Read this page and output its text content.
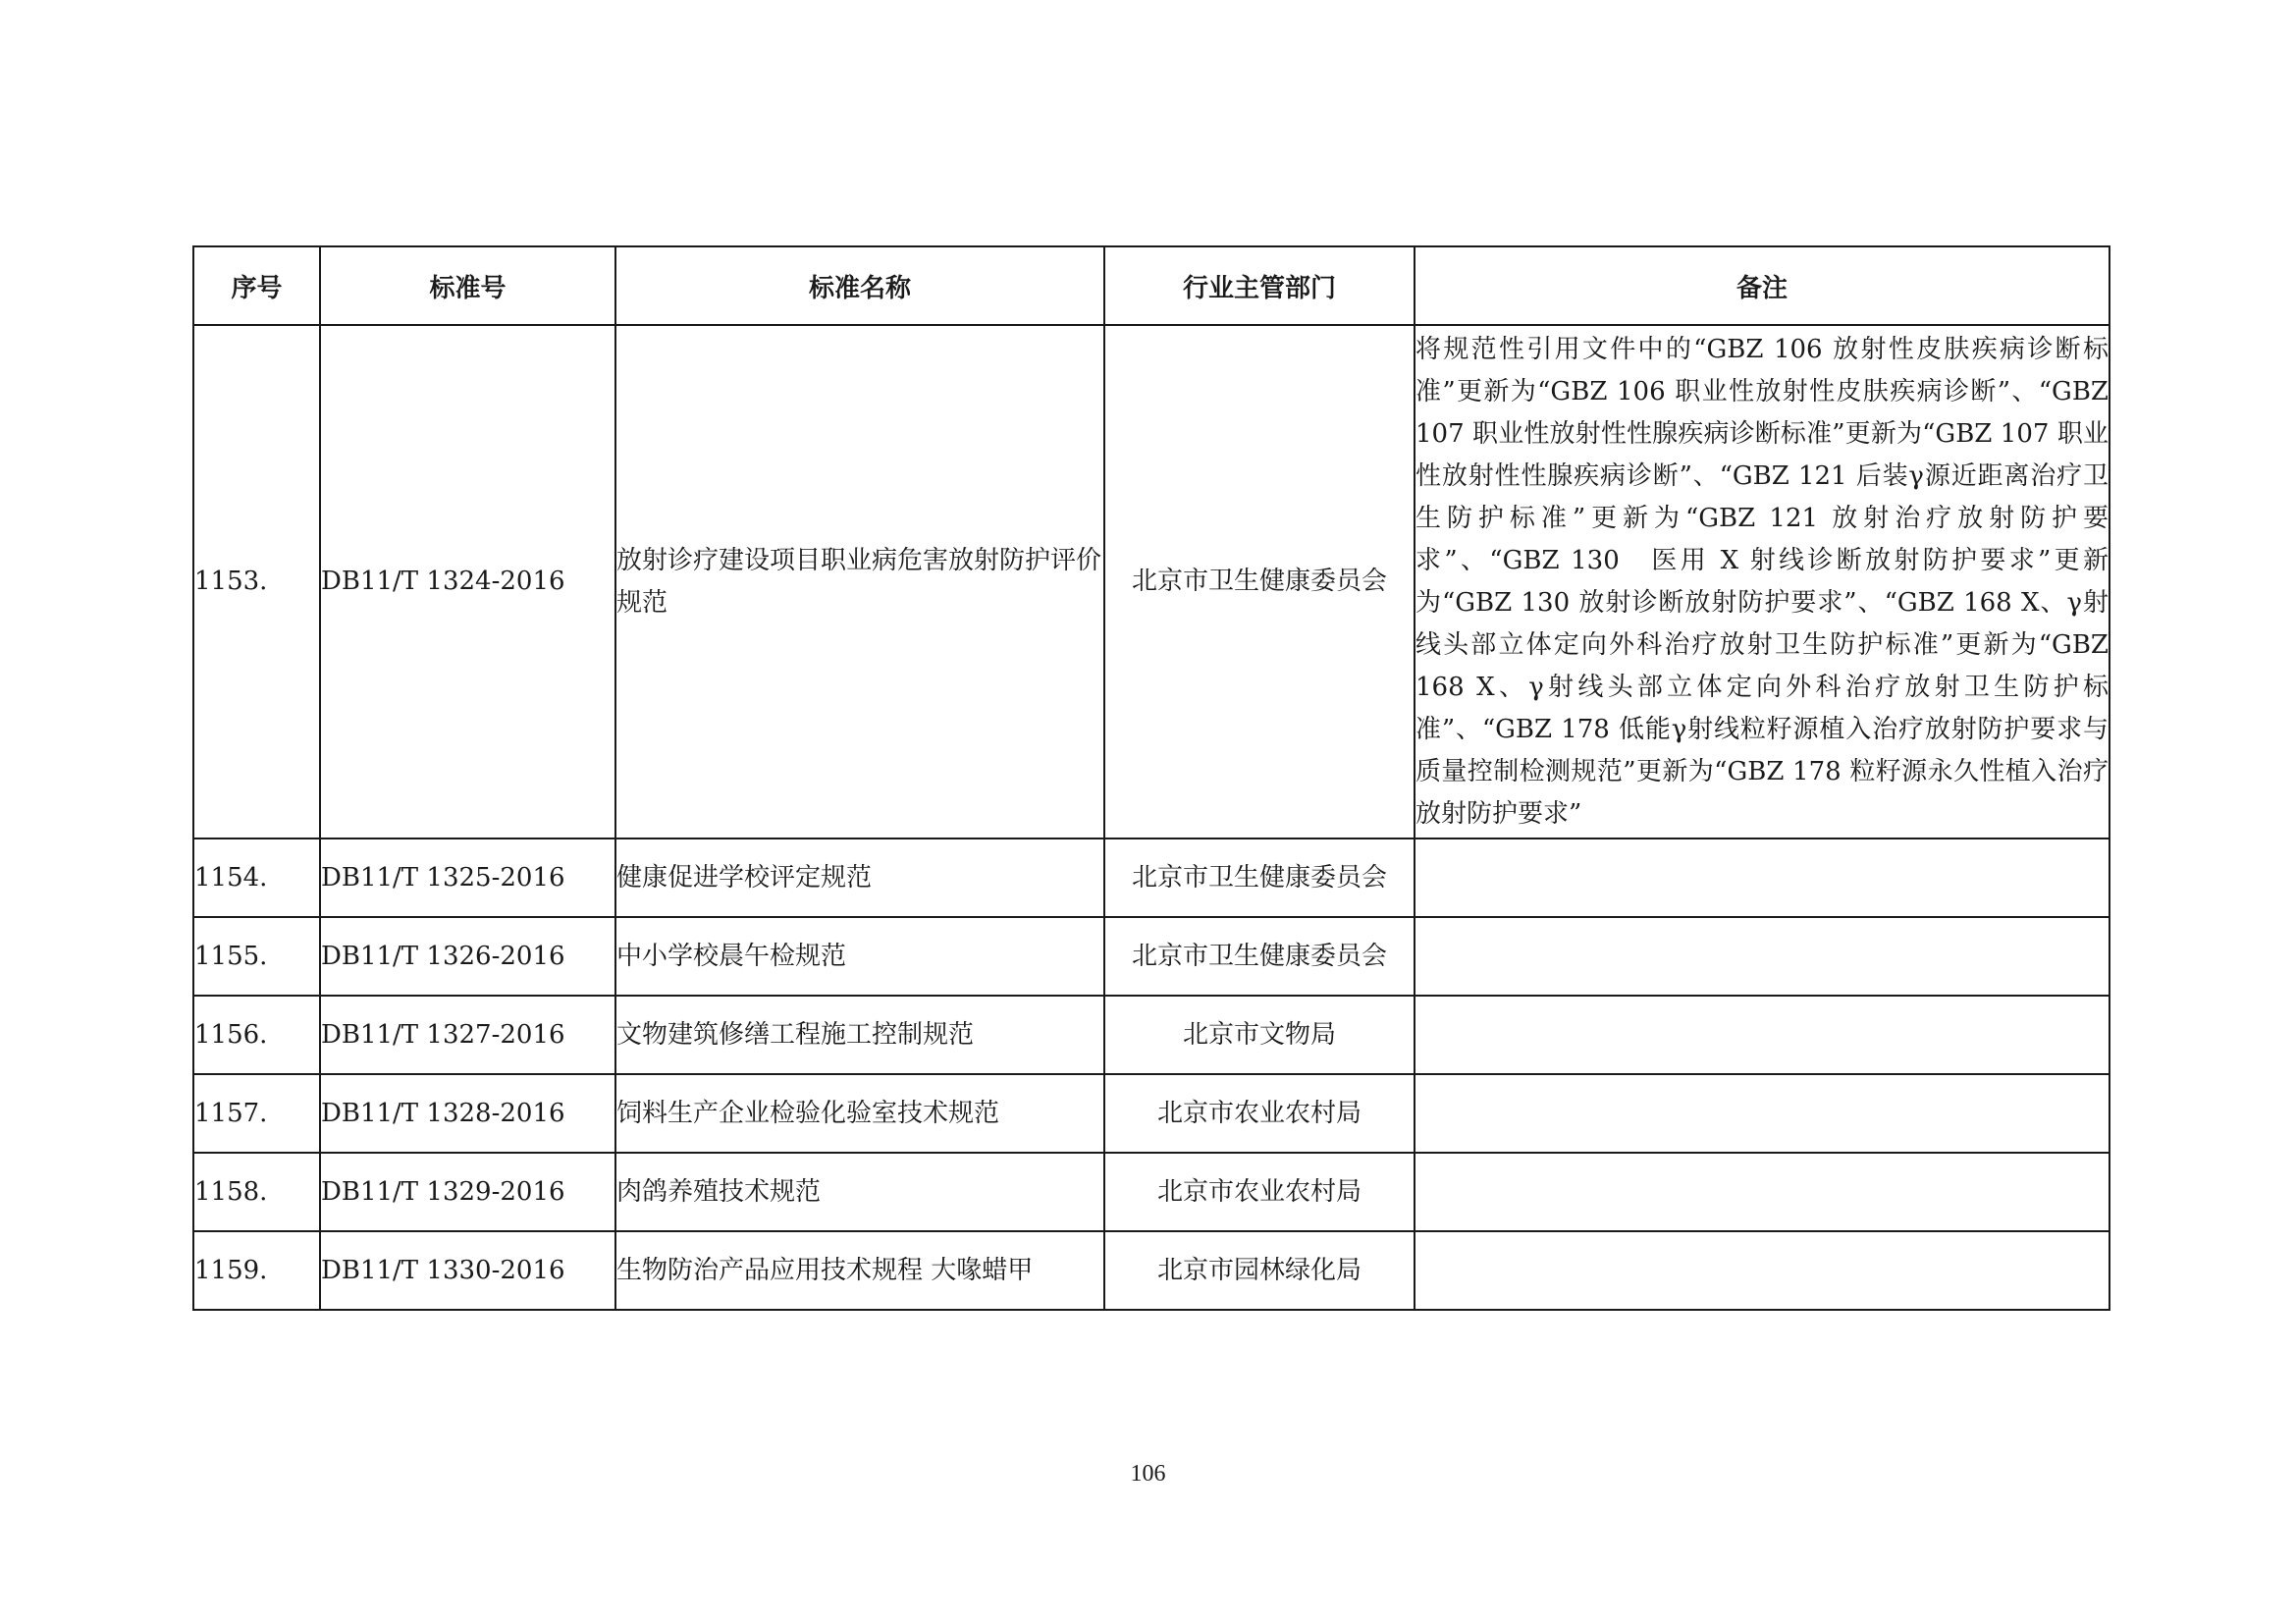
序号	标准号	标准名称	行业主管部门	备注
1153.	DB11/T 1324-2016	放射诊疗建设项目职业病危害放射防护评价规范	北京市卫生健康委员会	将规范性引用文件中的“GBZ 106 放射性皮肤疾病诊断标准”更新为“GBZ 106 职业性放射性皮肤疾病诊断”、“GBZ 107 职业性放射性性腺疾病诊断标准”更新为“GBZ 107 职业性放射性性腺疾病诊断”、“GBZ 121 后装γ源近距离治疗卫生防护标准”更新为“GBZ 121 放射治疗放射防护要求”、“GBZ 130　医用 X 射线诊断放射防护要求”更新为“GBZ 130 放射诊断放射防护要求”、“GBZ 168 X、γ射线头部立体定向外科治疗放射卫生防护标准”更新为“GBZ 168 X、γ射线头部立体定向外科治疗放射卫生防护标准”、“GBZ 178 低能γ射线粒籽源植入治疗放射防护要求与质量控制检测规范”更新为“GBZ 178 粒籽源永久性植入治疗放射防护要求”
1154.	DB11/T 1325-2016	健康促进学校评定规范	北京市卫生健康委员会	
1155.	DB11/T 1326-2016	中小学校晨午检规范	北京市卫生健康委员会	
1156.	DB11/T 1327-2016	文物建筑修缮工程施工控制规范	北京市文物局	
1157.	DB11/T 1328-2016	饲料生产企业检验化验室技术规范	北京市农业农村局	
1158.	DB11/T 1329-2016	肉鸽养殖技术规范	北京市农业农村局	
1159.	DB11/T 1330-2016	生物防治产品应用技术规程 大喙蜡甲	北京市园林绿化局	
106
